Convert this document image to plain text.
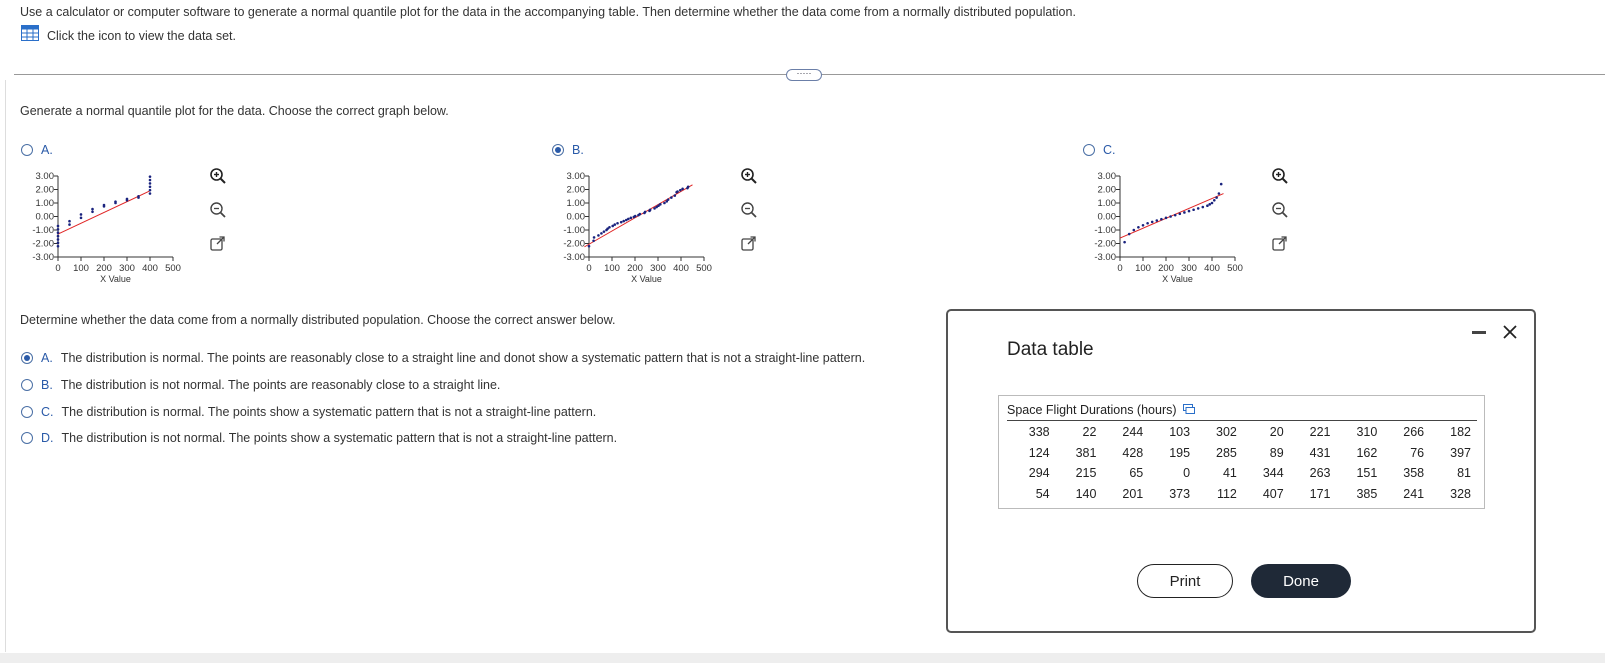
Use a calculator or computer software to generate a normal quantile plot for the data in the accompanying table. Then determine whether the data come from a normally distributed population.
Click the icon to view the data set.
·····
Generate a normal quantile plot for the data. Choose the correct graph below.
A.	B.	C.
3.00
2.00
1.00
0.00
-1.00
-2.00
-3.00
0 100 200 300 400 500
X Value
3.00
2.00
1.00
0.00
-1.00
-2.00
-3.00
0 100 200 300 400 500
X Value
3.00
2.00
1.00
0.00
-1.00
-2.00
-3.00
0 100 200 300 400 500
X Value
Determine whether the data come from a normally distributed population. Choose the correct answer below.
A. The distribution is normal. The points are reasonably close to a straight line and donot show a systematic pattern that is not a straight-line pattern.
B. The distribution is not normal. The points are reasonably close to a straight line.
C. The distribution is normal. The points show a systematic pattern that is not a straight-line pattern.
D. The distribution is not normal. The points show a systematic pattern that is not a straight-line pattern.
Data table
Space Flight Durations (hours)
338	22	244	103	302	20	221	310	266	182
124	381	428	195	285	89	431	162	76	397
294	215	65	0	41	344	263	151	358	81
54	140	201	373	112	407	171	385	241	328
Print	Done
